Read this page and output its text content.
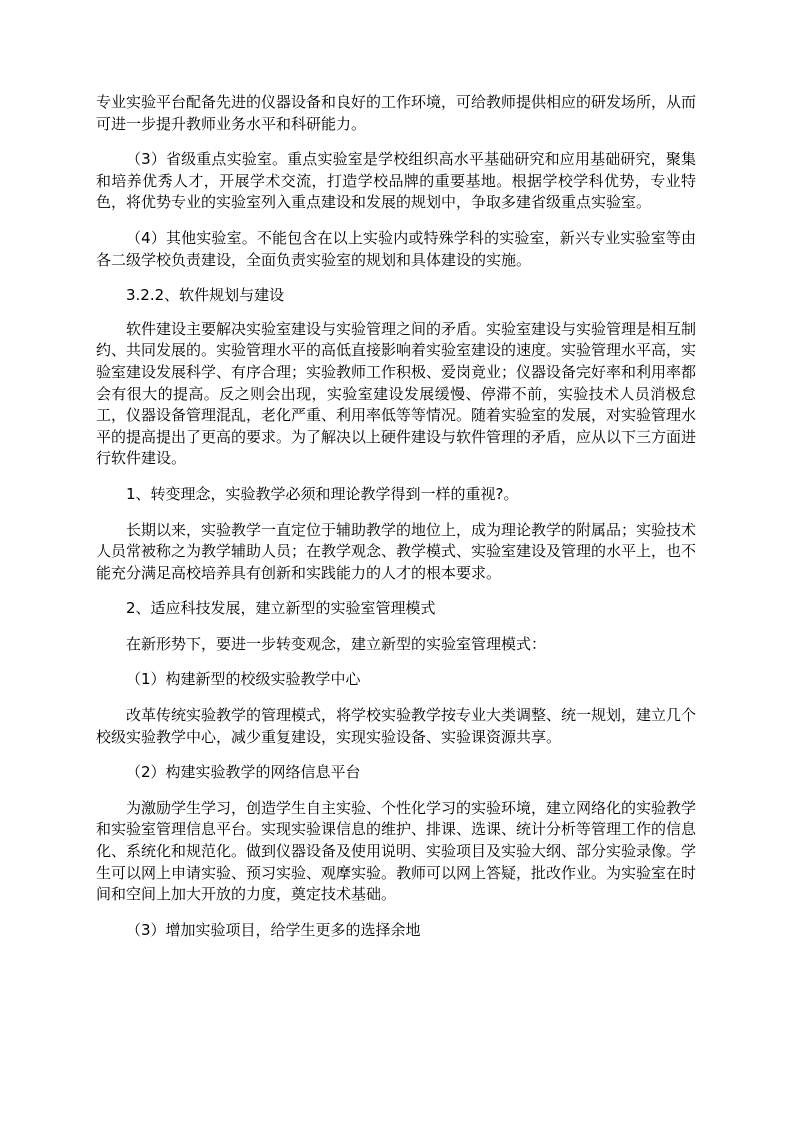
专业实验平台配备先进的仪器设备和良好的工作环境，可给教师提供相应的研发场所，从而可进一步提升教师业务水平和科研能力。

（3）省级重点实验室。重点实验室是学校组织高水平基础研究和应用基础研究，聚集和培养优秀人才，开展学术交流，打造学校品牌的重要基地。根据学校学科优势，专业特色，将优势专业的实验室列入重点建设和发展的规划中，争取多建省级重点实验室。

（4）其他实验室。不能包含在以上实验内或特殊学科的实验室，新兴专业实验室等由各二级学校负责建设，全面负责实验室的规划和具体建设的实施。

3.2.2、软件规划与建设

软件建设主要解决实验室建设与实验管理之间的矛盾。实验室建设与实验管理是相互制约、共同发展的。实验管理水平的高低直接影响着实验室建设的速度。实验管理水平高，实验室建设发展科学、有序合理；实验教师工作积极、爱岗竟业；仪器设备完好率和利用率都会有很大的提高。反之则会出现，实验室建设发展缓慢、停滞不前，实验技术人员消极怠工，仪器设备管理混乱，老化严重、利用率低等等情况。随着实验室的发展，对实验管理水平的提高提出了更高的要求。为了解决以上硬件建设与软件管理的矛盾，应从以下三方面进行软件建设。

1、转变理念，实验教学必须和理论教学得到一样的重视?。

长期以来，实验教学一直定位于辅助教学的地位上，成为理论教学的附属品；实验技术人员常被称之为教学辅助人员；在教学观念、教学模式、实验室建设及管理的水平上，也不能充分满足高校培养具有创新和实践能力的人才的根本要求。

2、适应科技发展，建立新型的实验室管理模式

在新形势下，要进一步转变观念，建立新型的实验室管理模式：

（1）构建新型的校级实验教学中心

改革传统实验教学的管理模式，将学校实验教学按专业大类调整、统一规划，建立几个校级实验教学中心，减少重复建设，实现实验设备、实验课资源共享。

（2）构建实验教学的网络信息平台

为激励学生学习，创造学生自主实验、个性化学习的实验环境，建立网络化的实验教学和实验室管理信息平台。实现实验课信息的维护、排课、选课、统计分析等管理工作的信息化、系统化和规范化。做到仪器设备及使用说明、实验项目及实验大纲、部分实验录像。学生可以网上申请实验、预习实验、观摩实验。教师可以网上答疑，批改作业。为实验室在时间和空间上加大开放的力度，奠定技术基础。

（3）增加实验项目，给学生更多的选择余地
